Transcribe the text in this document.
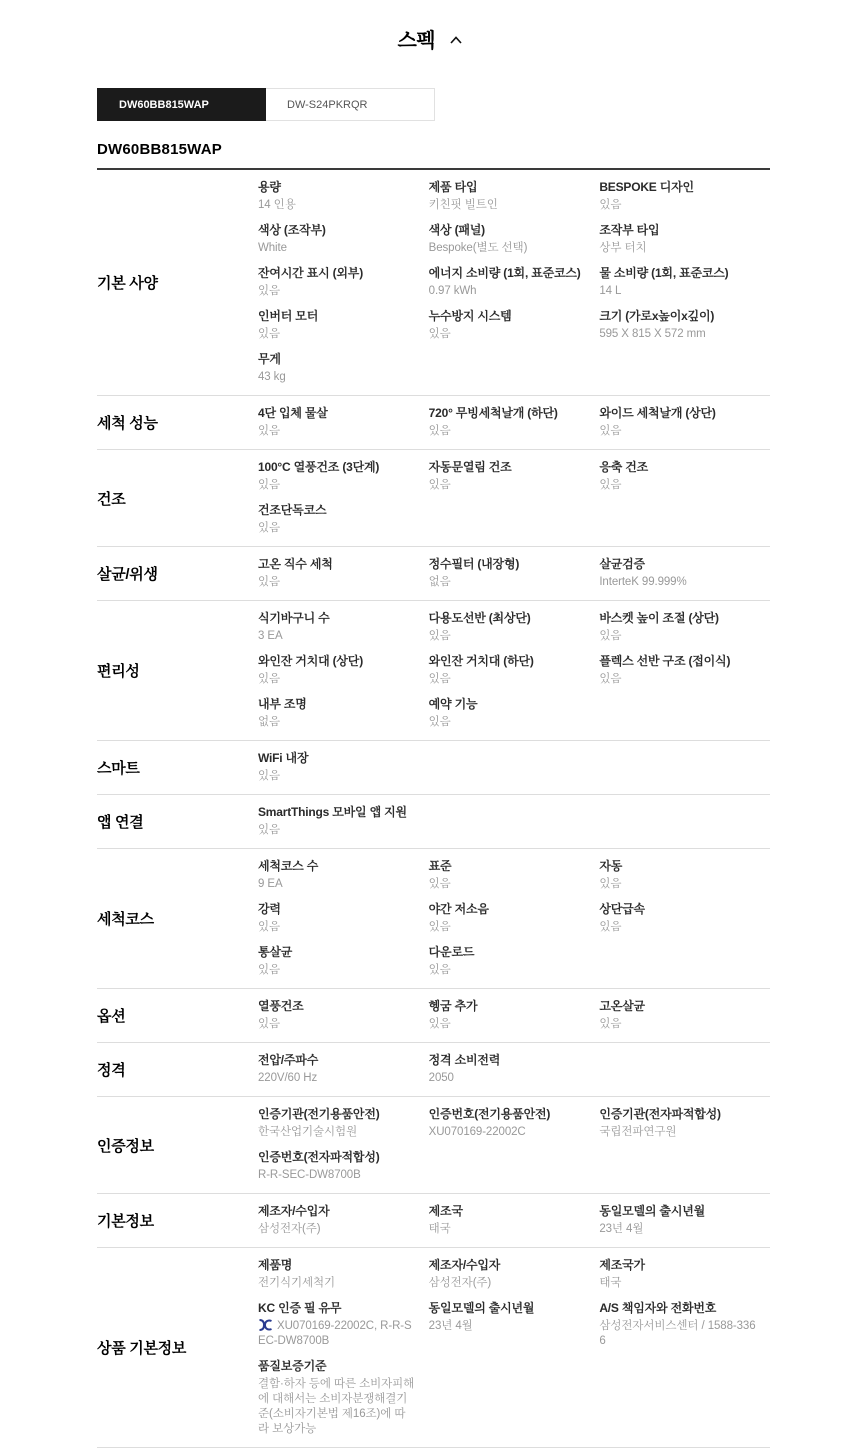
스펙
DW60BB815WAP	DW-S24PKRQR
DW60BB815WAP
기본 사양
용량
14 인용
제품 타입
키친핏 빌트인
BESPOKE 디자인
있음
색상 (조작부)
White
색상 (패널)
Bespoke(별도 선택)
조작부 타입
상부 터치
잔여시간 표시 (외부)
있음
에너지 소비량 (1회, 표준코스)
0.97 kWh
물 소비량 (1회, 표준코스)
14 L
인버터 모터
있음
누수방지 시스템
있음
크기 (가로x높이x깊이)
595 X 815 X 572 mm
무게
43 kg
세척 성능
4단 입체 물살
있음
720° 무빙세척날개 (하단)
있음
와이드 세척날개 (상단)
있음
건조
100°C 열풍건조 (3단계)
있음
자동문열림 건조
있음
응축 건조
있음
건조단독코스
있음
살균/위생
고온 직수 세척
있음
정수필터 (내장형)
없음
살균검증
InterteK 99.999%
편리성
식기바구니 수
3 EA
다용도선반 (최상단)
있음
바스켓 높이 조절 (상단)
있음
와인잔 거치대 (상단)
있음
와인잔 거치대 (하단)
있음
플렉스 선반 구조 (접이식)
있음
내부 조명
없음
예약 기능
있음
스마트
WiFi 내장
있음
앱 연결
SmartThings 모바일 앱 지원
있음
세척코스
세척코스 수
9 EA
표준
있음
자동
있음
강력
있음
야간 저소음
있음
상단급속
있음
통살균
있음
다운로드
있음
옵션
열풍건조
있음
헹굼 추가
있음
고온살균
있음
정격
전압/주파수
220V/60 Hz
정격 소비전력
2050
인증정보
인증기관(전기용품안전)
한국산업기술시험원
인증번호(전기용품안전)
XU070169-22002C
인증기관(전자파적합성)
국립전파연구원
인증번호(전자파적합성)
R-R-SEC-DW8700B
기본정보
제조자/수입자
삼성전자(주)
제조국
태국
동일모델의 출시년월
23년 4월
상품 기본정보
제품명
전기식기세척기
제조자/수입자
삼성전자(주)
제조국가
태국
KC 인증 필 유무
XU070169-22002C, R-R-SEC-DW8700B
동일모델의 출시년월
23년 4월
A/S 책임자와 전화번호
삼성전자서비스센터 / 1588-3366
품질보증기준
결함·하자 등에 따른 소비자피해에 대해서는 소비자분쟁해결기준(소비자기본법 제16조)에 따라 보상가능
